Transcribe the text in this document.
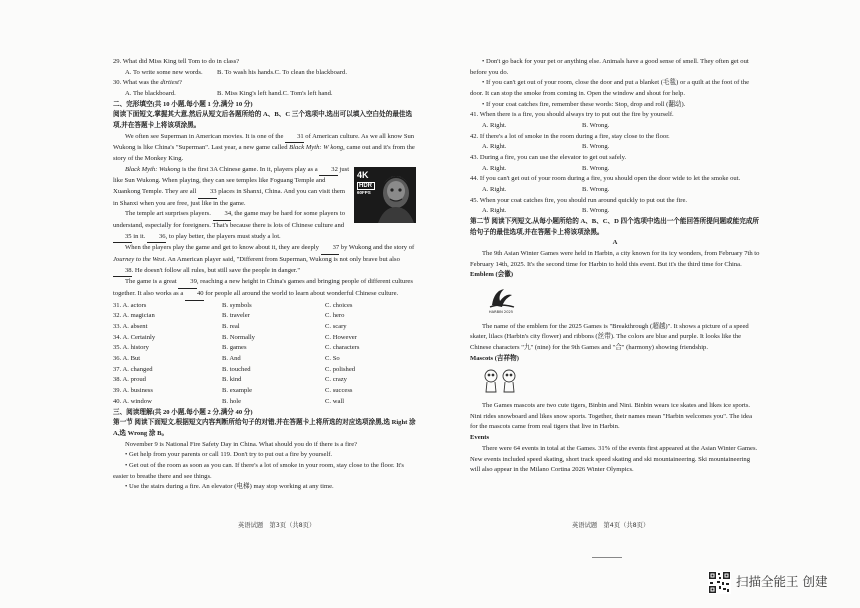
29. What did Miss King tell Tom to do in class?

A. To write some new words. B. To wash his hands.C. To clean the blackboard.

30. What was the dirtiest?

A. The blackboard.	B. Miss King's left hand.C. Tom's left hand.

二、完形填空(共 10 小题,每小题 1 分,满分 10 分)

阅读下面短文,掌握其大意,然后从短文后各题所给的 A、B、C 三个选项中,选出可以填入空白处的最佳选项,并在答题卡上将该项涂黑。

We often see Superman in American movies. It is one of the 31 of American culture. As we all know Sun Wukong is like China's "Superman". Last year, a new game called Black Myth: W kong, came out and it's from the story of the Monkey King.

4K
HDR
60FPS

Black Myth: Wukong is the first 3A Chinese game. In it, players play as a 32 just like Sun Wukong. When playing, they can see temples like Foguang Temple and Xuankong Temple. They are all 33 places in Shanxi, China. And you can visit them in Shanxi when you are free, just like in the game.

The temple art surprises players. 34, the game may be hard for some players to understand, especially for foreigners. That's because there is lots of Chinese culture and 35 in it. 36, to play better, the players must study a lot.

When the players play the game and get to know about it, they are deeply 37 by Wukong and the story of Journey to the West. An American player said, "Different from Superman, Wukong is not only brave but also 38. He doesn't follow all rules, but still save the people in danger."

The game is a great 39, reaching a new height in China's games and bringing people of different cultures together. It also works as a 40 for people all around the world to learn about wonderful Chinese culture.

31. A. actors	B. symbols	C. choices

32. A. magician	B. traveler	C. hero

33. A. absent	B. real	C. scary

34. A. Certainly	B. Normally	C. However

35. A. history	B. games	C. characters

36. A. But	B. And	C. So

37. A. changed	B. touched	C. polished

38. A. proud	B. kind	C. crazy

39. A. business	B. example	C. success

40. A. window	B. hole	C. wall

三、阅读理解(共 20 小题,每小题 2 分,满分 40 分)

第一节 阅读下面短文,根据短文内容判断所给句子的对错,并在答题卡上将所选的对应选项涂黑,选 Right 涂 A,选 Wrong 涂 B。

November 9 is National Fire Safety Day in China. What should you do if there is a fire?

• Get help from your parents or call 119. Don't try to put out a fire by yourself.

• Get out of the room as soon as you can. If there's a lot of smoke in your room, stay close to the floor. It's easier to breathe there and see things.

• Use the stairs during a fire. An elevator (电梯) may stop working at any time.

• Don't go back for your pet or anything else. Animals have a good sense of smell. They often get out before you do.

• If you can't get out of your room, close the door and put a blanket (毛毯) or a quilt at the foot of the door. It can stop the smoke from coming in. Open the window and shout for help.

• If your coat catches fire, remember these words: Stop, drop and roll (翻动).

41. When there is a fire, you should always try to put out the fire by yourself.

A. Right.	B. Wrong.

42. If there's a lot of smoke in the room during a fire, stay close to the floor.

A. Right.	B. Wrong.

43. During a fire, you can use the elevator to get out safely.

A. Right.	B. Wrong.

44. If you can't get out of your room during a fire, you should open the door wide to let the smoke out.

A. Right.	B. Wrong.

45. When your coat catches fire, you should run around quickly to put out the fire.

A. Right.	B. Wrong.

第二节 阅读下列短文,从每小题所给的 A、B、C、D 四个选项中选出一个能回答所提问题或能完成所给句子的最佳选项,并在答题卡上将该项涂黑。

A

The 9th Asian Winter Games were held in Harbin, a city known for its icy wonders, from February 7th to February 14th, 2025. It's the second time for Harbin to hold this event. But it's the third time for China.

Emblem (会徽)

HARBIN 2025

The name of the emblem for the 2025 Games is "Breakthrough (超越)". It shows a picture of a speed skater, lilacs (Harbin's city flower) and ribbons (丝带). The colors are blue and purple. It looks like the Chinese characters "九" (nine) for the 9th Games and "合" (harmony) showing friendship.

Mascots (吉祥物)

The Games mascots are two cute tigers, Binbin and Nini. Binbin wears ice skates and likes ice sports. Nini rides snowboard and likes snow sports. Together, their names mean "Harbin welcomes you". The idea for the mascots came from real tigers that live in Harbin.

Events

There were 64 events in total at the Games. 31% of the events first appeared at the Asian Winter Games. New events included speed skating, short track speed skating and ski mountaineering. Ski mountaineering will also appear in the Milano Cortina 2026 Winter Olympics.

英语试题　第3页（共8页）	英语试题　第4页（共8页）
扫描全能王 创建
